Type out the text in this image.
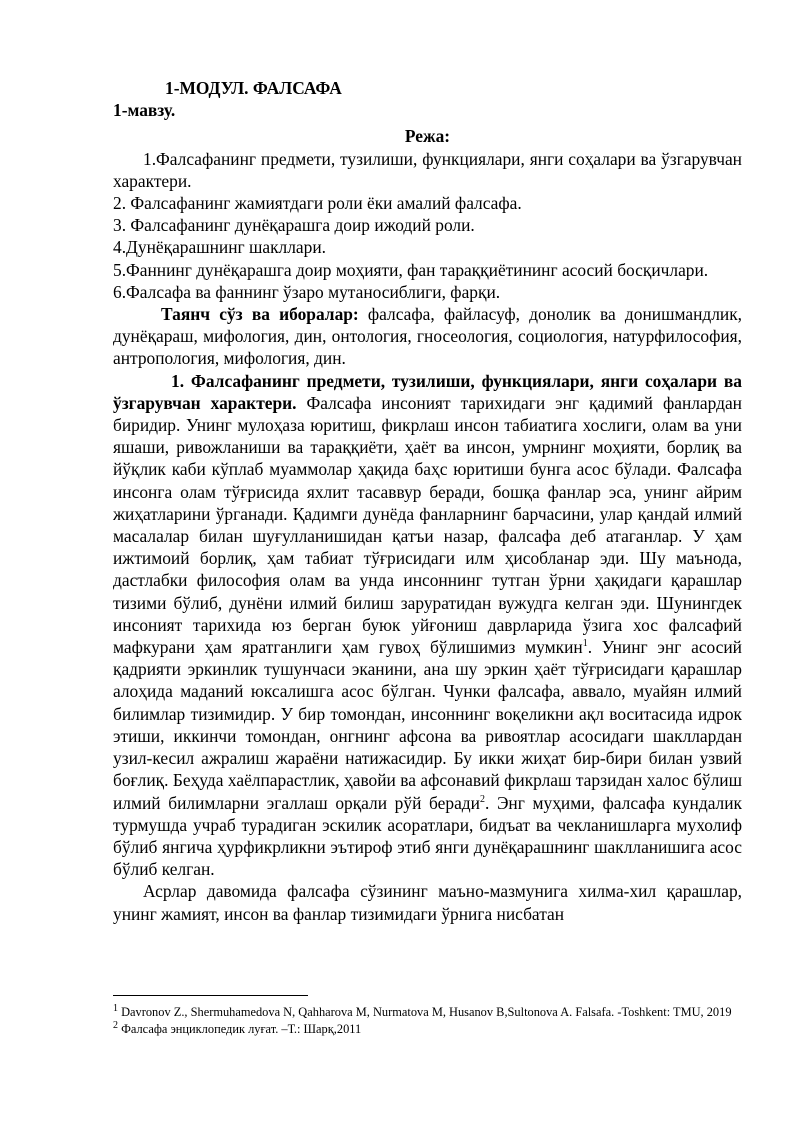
1-МОДУЛ. ФАЛСАФА

1-мавзу.

Режа:

1.Фалсафанинг предмети, тузилиши, функциялари, янги соҳалари ва ўзгарувчан характери.

2. Фалсафанинг жамиятдаги роли ёки амалий фалсафа.

3. Фалсафанинг дунёқарашга доир ижодий роли.

4.Дунёқарашнинг шакллари.

5.Фаннинг дунёқарашга доир моҳияти, фан тараққиётининг асосий босқичлари.

6.Фалсафа ва фаннинг ўзаро мутаносиблиги, фарқи.

Таянч сўз ва иборалар: фалсафа, файласуф, донолик ва донишмандлик, дунёқараш, мифология, дин, онтология, гносеология, социология, натурфилософия, антропология, мифология, дин.

1. Фалсафанинг предмети, тузилиши, функциялари, янги соҳалари ва ўзгарувчан характери. Фалсафа инсоният тарихидаги энг қадимий фанлардан биридир. Унинг мулоҳаза юритиш, фикрлаш инсон табиатига хослиги, олам ва уни яшаши, ривожланиши ва тараққиёти, ҳаёт ва инсон, умрнинг моҳияти, борлиқ ва йўқлик каби кўплаб муаммолар ҳақида баҳс юритиши бунга асос бўлади. Фалсафа инсонга олам тўғрисида яхлит тасаввур беради, бошқа фанлар эса, унинг айрим жиҳатларини ўрганади. Қадимги дунёда фанларнинг барчасини, улар қандай илмий масалалар билан шуғулланишидан қатъи назар, фалсафа деб атаганлар. У ҳам ижтимоий борлиқ, ҳам табиат тўғрисидаги илм ҳисобланар эди. Шу маънода, дастлабки философия олам ва унда инсоннинг тутган ўрни ҳақидаги қарашлар тизими бўлиб, дунёни илмий билиш заруратидан вужудга келган эди. Шунингдек инсоният тарихида юз берган буюк уйғониш даврларида ўзига хос фалсафий мафкурани ҳам яратганлиги ҳам гувоҳ бўлишимиз мумкин$^1$. Унинг энг асосий қадрияти эркинлик тушунчаси эканини, ана шу эркин ҳаёт тўғрисидаги қарашлар алоҳида маданий юксалишга асос бўлган. Чунки фалсафа, аввало, муайян илмий билимлар тизимидир. У бир томондан, инсоннинг воқеликни ақл воситасида идрок этиши, иккинчи томондан, онгнинг афсона ва ривоятлар асосидаги шакллардан узил-кесил ажралиш жараёни натижасидир. Бу икки жиҳат бир-бири билан узвий боғлиқ. Беҳуда хаёлпарастлик, ҳавойи ва афсонавий фикрлаш тарзидан халос бўлиш илмий билимларни эгаллаш орқали рўй беради$^2$. Энг муҳими, фалсафа кундалик турмушда учраб турадиган эскилик асоратлари, бидъат ва чекланишларга мухолиф бўлиб янгича ҳурфикрликни эътироф этиб янги дунёқарашнинг шаклланишига асос бўлиб келган.

Асрлар давомида фалсафа сўзининг маъно-мазмунига хилма-хил қарашлар, унинг жамият, инсон ва фанлар тизимидаги ўрнига нисбатан

$^1$ Davronov Z., Shermuhamedova N, Qahharova M, Nurmatova M, Husanov B,Sultonova A. Falsafa. -Toshkent: TMU, 2019

$^2$ Фалсафа энциклопедик луғат. –Т.: Шарқ,2011
